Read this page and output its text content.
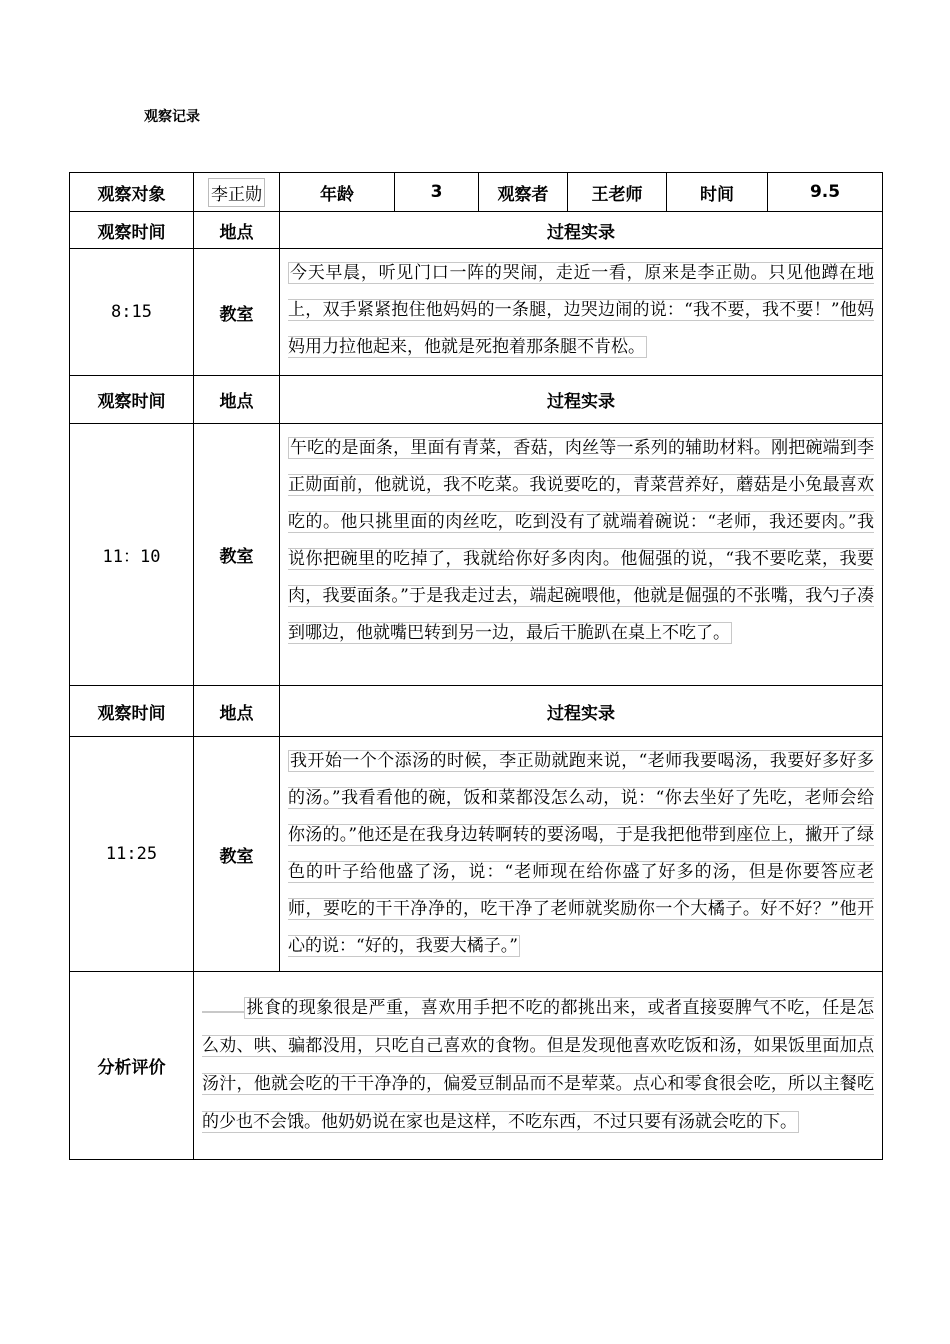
观察记录
观察对象	李正勋	年龄	3	观察者	王老师	时间	9.5
观察时间	地点	过程实录					
8:15	教室	今天早晨，听见门口一阵的哭闹，走近一看，原来是李正勋。只见他蹲在地上，双手紧紧抱住他妈妈的一条腿，边哭边闹的说：“我不要，我不要！”他妈妈用力拉他起来，他就是死抱着那条腿不肯松。					

观察时间	地点	过程实录					
11：10	教室	午吃的是面条，里面有青菜，香菇，肉丝等一系列的辅助材料。刚把碗端到李正勋面前，他就说，我不吃菜。我说要吃的，青菜营养好，蘑菇是小兔最喜欢吃的。他只挑里面的肉丝吃，吃到没有了就端着碗说：“老师，我还要肉。”我说你把碗里的吃掉了，我就给你好多肉肉。他倔强的说，“我不要吃菜，我要肉，我要面条。”于是我走过去，端起碗喂他，他就是倔强的不张嘴，我勺子凑到哪边，他就嘴巴转到另一边，最后干脆趴在桌上不吃了。					

观察时间	地点	过程实录					
11:25	教室	我开始一个个添汤的时候，李正勋就跑来说，“老师我要喝汤，我要好多好多的汤。”我看看他的碗，饭和菜都没怎么动，说：“你去坐好了先吃，老师会给你汤的。”他还是在我身边转啊转的要汤喝，于是我把他带到座位上，撇开了绿色的叶子给他盛了汤，说：“老师现在给你盛了好多的汤，但是你要答应老师，要吃的干干净净的，吃干净了老师就奖励你一个大橘子。好不好？”他开心的说：“好的，我要大橘子。”					

分析评价	挑食的现象很是严重，喜欢用手把不吃的都挑出来，或者直接耍脾气不吃，任是怎么劝、哄、骗都没用，只吃自己喜欢的食物。但是发现他喜欢吃饭和汤，如果饭里面加点汤汁，他就会吃的干干净净的，偏爱豆制品而不是荤菜。点心和零食很会吃，所以主餐吃的少也不会饿。他奶奶说在家也是这样，不吃东西，不过只要有汤就会吃的下。						
